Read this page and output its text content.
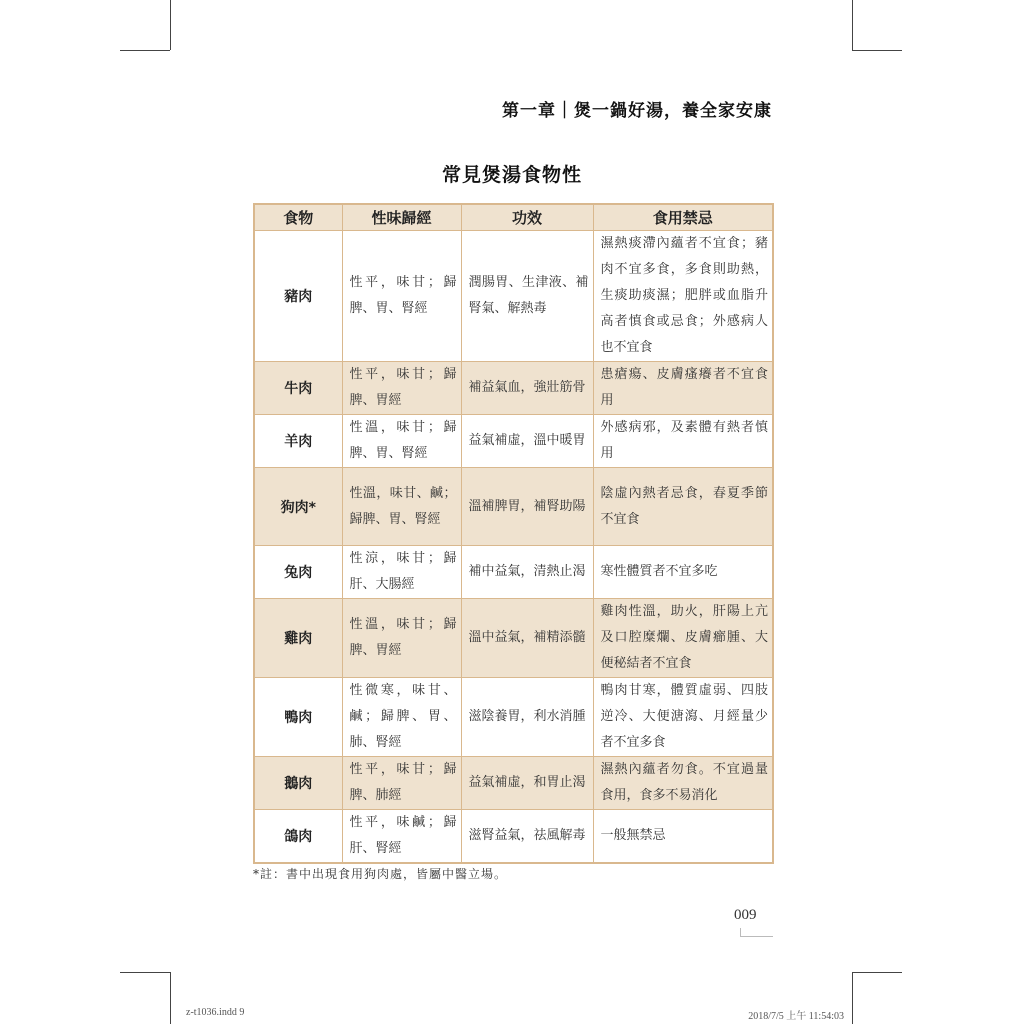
第一章｜煲一鍋好湯，養全家安康
常見煲湯食物性
食物	性味歸經	功效	食用禁忌
豬肉	性平，味甘；歸脾、胃、腎經	潤腸胃、生津液、補腎氣、解熱毒	濕熱痰滯內蘊者不宜食；豬肉不宜多食，多食則助熱，生痰助痰濕；肥胖或血脂升高者慎食或忌食；外感病人也不宜食
牛肉	性平，味甘；歸脾、胃經	補益氣血，強壯筋骨	患瘡瘍、皮膚瘙癢者不宜食用
羊肉	性溫，味甘；歸脾、胃、腎經	益氣補虛，溫中暖胃	外感病邪，及素體有熱者慎用
狗肉*	性溫，味甘、鹹；歸脾、胃、腎經	溫補脾胃，補腎助陽	陰虛內熱者忌食，春夏季節不宜食
兔肉	性涼，味甘；歸肝、大腸經	補中益氣，清熱止渴	寒性體質者不宜多吃
雞肉	性溫，味甘；歸脾、胃經	溫中益氣，補精添髓	雞肉性溫，助火，肝陽上亢及口腔糜爛、皮膚癤腫、大便秘結者不宜食
鴨肉	性微寒，味甘、鹹；歸脾、胃、肺、腎經	滋陰養胃，利水消腫	鴨肉甘寒，體質虛弱、四肢逆冷、大便溏瀉、月經量少者不宜多食
鵝肉	性平，味甘；歸脾、肺經	益氣補虛，和胃止渴	濕熱內蘊者勿食。不宜過量食用，食多不易消化
鴿肉	性平，味鹹；歸肝、腎經	滋腎益氣，祛風解毒	一般無禁忌
*註：書中出現食用狗肉處，皆屬中醫立場。
009
z-t1036.indd 9	2018/7/5 上午 11:54:03
